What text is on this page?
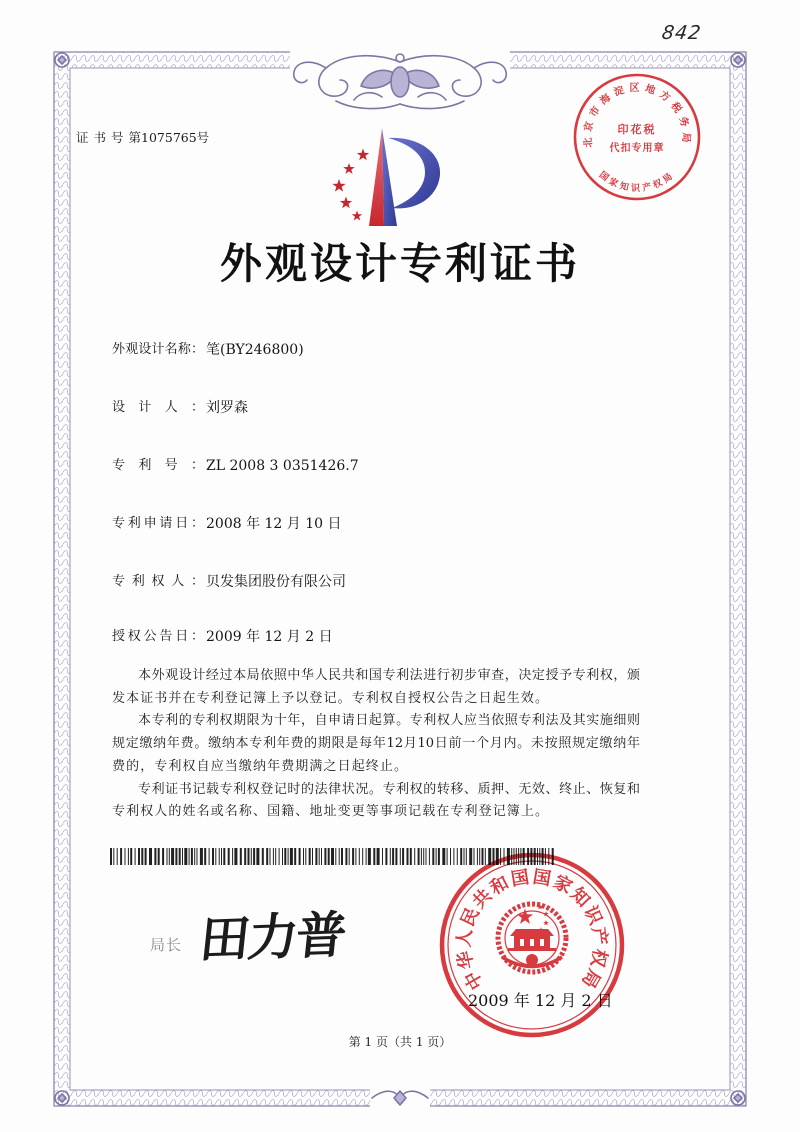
842
证书号第1075765号	北京市海淀区地方税务局
国家知识产权局
印花税
代扣专用章
外观设计专利证书
外观设计名称： 笔(BY246800)
设计人： 刘罗森
专利号： ZL 2008 3 0351426.7
专利申请日： 2008 年 12 月 10 日
专利权人： 贝发集团股份有限公司
授权公告日： 2009 年 12 月 2 日
本外观设计经过本局依照中华人民共和国专利法进行初步审查，决定授予专利权，颁
发本证书并在专利登记簿上予以登记。专利权自授权公告之日起生效。
本专利的专利权期限为十年，自申请日起算。专利权人应当依照专利法及其实施细则
规定缴纳年费。缴纳本专利年费的期限是每年12月10日前一个月内。未按照规定缴纳年
费的，专利权自应当缴纳年费期满之日起终止。
专利证书记载专利权登记时的法律状况。专利权的转移、质押、无效、终止、恢复和
专利权人的姓名或名称、国籍、地址变更等事项记载在专利登记簿上。
局长 田力普
中华人民共和国国家知识产权局
2009 年 12 月 2 日
第 1 页（共 1 页）
